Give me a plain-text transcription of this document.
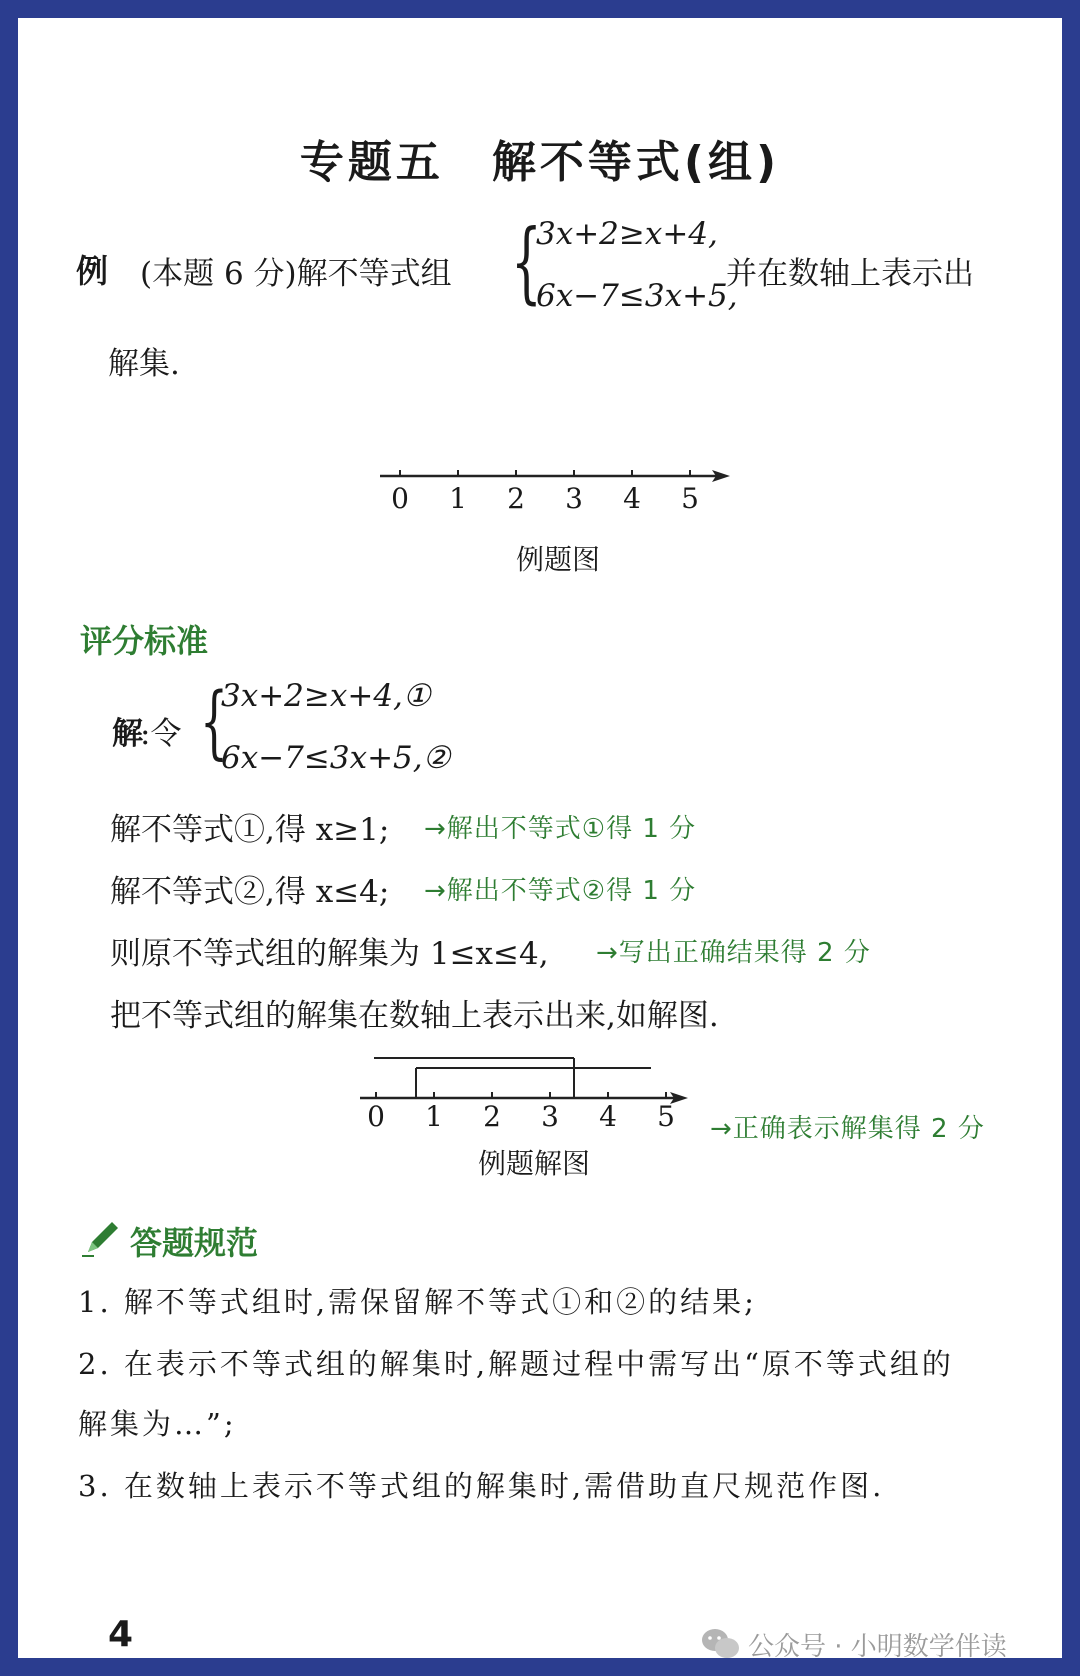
专题五　解不等式(组)
例 (本题 6 分)解不等式组 {
3x+2≥x+4,
6x−7≤3x+5,
并在数轴上表示出
解集.
0 1 2 3 4 5
例题图
评分标准
解
:令 {
3x+2≥x+4,①
6x−7≤3x+5,②
解不等式①,得 x≥1; →解出不等式①得 1 分
解不等式②,得 x≤4; →解出不等式②得 1 分
则原不等式组的解集为 1≤x≤4, →写出正确结果得 2 分
把不等式组的解集在数轴上表示出来,如解图.
0 1 2 3 4 5 →正确表示解集得 2 分
例题解图
答题规范
1. 解不等式组时,需保留解不等式①和②的结果;
2. 在表示不等式组的解集时,解题过程中需写出“原不等式组的
解集为…”;
3. 在数轴上表示不等式组的解集时,需借助直尺规范作图.
4	公众号 · 小明数学伴读
